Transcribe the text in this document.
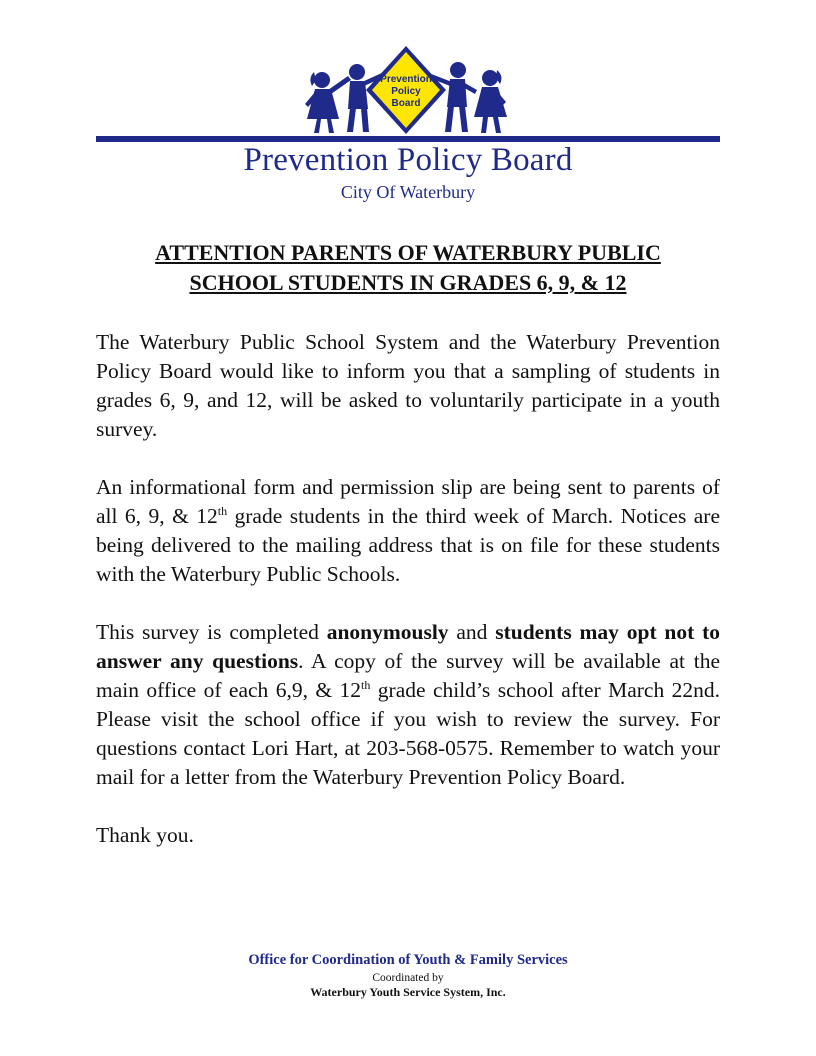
Prevention
Policy
Board
Prevention Policy Board
City Of Waterbury
ATTENTION PARENTS OF WATERBURY PUBLIC
SCHOOL STUDENTS IN GRADES 6, 9, & 12

The Waterbury Public School System and the Waterbury Prevention Policy Board would like to inform you that a sampling of students in grades 6, 9, and 12, will be asked to voluntarily participate in a youth survey.

An informational form and permission slip are being sent to parents of all 6, 9, & 12th grade students in the third week of March. Notices are being delivered to the mailing address that is on file for these students with the Waterbury Public Schools.

This survey is completed anonymously and students may opt not to answer any questions. A copy of the survey will be available at the main office of each 6,9, & 12th grade child’s school after March 22nd. Please visit the school office if you wish to review the survey. For questions contact Lori Hart, at 203-568-0575. Remember to watch your mail for a letter from the Waterbury Prevention Policy Board.

Thank you.

Office for Coordination of Youth & Family Services
Coordinated by
Waterbury Youth Service System, Inc.
